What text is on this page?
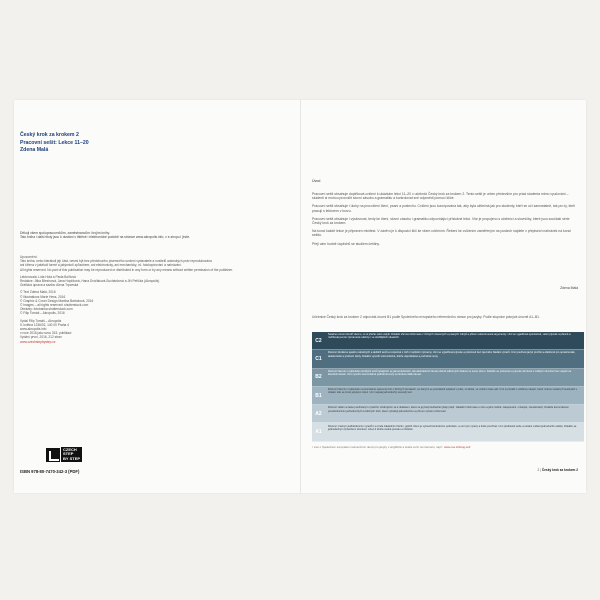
Český krok za krokem 2
Pracovní sešit: Lekce 11–20
Zdena Malá
Děkuji všem spolupracovníkům, zaměstnancům i trojím knihy.
Tato kniha i další tituly jsou k dostání v tištěné i elektronické podobě na stránce www.akropolis.info, v e-shopu i jinde.
Upozornění:
Tato kniha, nebo kterákoli její část, nesmí být bez předchozího písemného svolení vydavatele a nositelů autorských práv reprodukována
ani šířena v jakékoli formě a jakýmkoli způsobem, ani elektronicky, ani mechanicky, vč. fotokopírování a nahrávání.
All rights reserved. No part of this publication may be reproduced or distributed in any form or by any means without written permission of the publisher.
Lektorovala: Lída Holá a Pavla Bořilová
Redakce: Jitka Březinová, Jana Hoplíková, Hana Dvořáková-Suchánková a Jiří Peřička (Akropolis)
Grafická úprava a sazba: Alena Trpceská
© Text Zdena Malá, 2016
© Illustrations Marie Hess, 2016
© Graphic & Cover Design Martina Bartošová, 2016
© Images – all rights reserved: shutterstock.com
Obrázky: fotobanka shutterstock.com
© Filip Tomáš – Akropolis, 2016
Vydal Filip Tomáš – Akropolis
5. května 1236/32, 140 00 Praha 4
www.akropolis.info
v roce 2016 jako svou 315. publikaci
Vydání první, 2016, 212 stran
www.czechstepbystep.cz
CZECH
STEP
BY STEP
ISBN 978-80-7470-342-3 (PDF)
Úvod

Pracovní sešit obsahuje doplňková cvičení k ukázkám lekcí 11–20 v učebnici Český krok za krokem 2. Tento sešit je určen především pro práci studenta mimo vyučování – studenti si mohou procvičit slovní zásobu a gramatiku a kontrolovat své odpovědi pomocí klíče.

Pracovní sešit obsahuje i úlohy na procvičení čtení, psaní a poslechu. Cvičení jsou koncipována tak, aby byla užitečná jak pro studenty, kteří se učí samostatně, tak pro ty, kteří pracují s lektorem v kurzu.

Pracovní sešit obsahuje i výslovnost, texty ke čtení, slovní zásobu i gramatiku odpovídající příslušné lekci. Vše je propojeno s učebnicí a slovníčky, které jsou součástí série Český krok za krokem.

Na konci každé lekce je připraven minitest. V závěru je k dispozici klíč ke všem cvičením. Řešení ke cvičením zaměřeným na poslech najdete v přepisech nahrávek na konci sešitu.

Přeji vám hodně úspěchů se studiem češtiny.

Zdena Malá
Učebnice Český krok za krokem 2 odpovídá úrovni B1 podle Společného evropského referenčního rámce pro jazyky. Podle stupnice pokrývá úrovně A1–B1.
C2
Snadno rozumí téměř všemu, co si přečte nebo uslyší. Dokáže shrnout informace z různých mluvených a psaných zdrojů a přitom rekonstruovat argumenty. Umí se vyjadřovat spontánně, velmi plynule a přesně a rozlišovat jemné významové odstíny i ve složitějších situacích.
C1
Rozumí širokému spektru náročných a delších textů a rozpozná v nich i implicitní významy. Umí se vyjadřovat plynule a pohotově bez zjevného hledání výrazů. Umí používat jazyk pružně a efektivně pro společenské, akademické a profesní účely. Dokáže vytvořit srozumitelné, dobře uspořádané a podrobné texty.
B2
Rozumí hlavním myšlenkám složitých textů týkajících se jak konkrétních, tak abstraktních témat včetně odborných diskusí ve svém oboru. Dokáže se pohotově a plynule domluvit s rodilými mluvčími bez napětí na kterékoli straně. Umí vytvořit srozumitelné podrobné texty na širokou škálu témat.
B1
Rozumí hlavním myšlenkám srozumitelné spisovné řeči o běžných tématech, se kterými se pravidelně setkává v práci, ve škole, ve volném čase atd. Umí si poradit s většinou situací, které mohou nastat při cestování v oblasti, kde se tímto jazykem mluví. Umí napsat jednoduchý souvislý text.
A2
Rozumí větám a často používaným výrazům vztahujícím se k oblastem, které se jej bezprostředně týkají (např. základní informace o něm a jeho rodině, nakupování, místopis, zaměstnání). Dokáže komunikovat prostřednictvím jednoduchých a běžných úloh, které vyžadují jednoduchou a přímou výměnu informací.
A1
Rozumí známým každodenním výrazům a zcela základním frázím, jejichž cílem je vyhovět konkrétním potřebám, a umí tyto výrazy a fráze používat. Umí představit sebe a ostatní a klást jednoduché otázky. Dokáže se jednoduchým způsobem domluvit, mluví-li druhá osoba pomalu a zřetelně.
¹ více o Společném evropském referenčním rámci pro jazyky v angličtině a české verzi na internetu, např.: www.coe.int/lang-cefr
2 | Český krok za krokem 2
